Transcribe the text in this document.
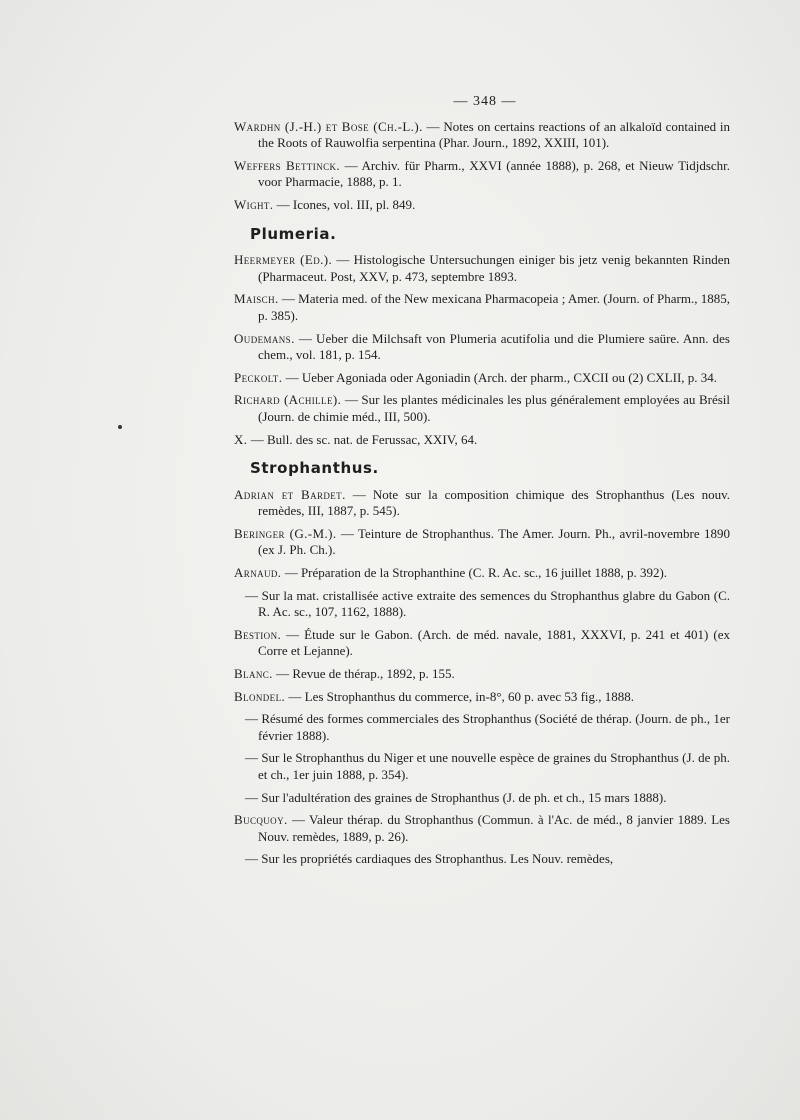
— 348 —

Wardhn (J.-H.) et Bose (Ch.-L.). — Notes on certains reactions of an alkaloïd contained in the Roots of Rauwolfia serpentina (Phar. Journ., 1892, XXIII, 101).

Weffers Bettinck. — Archiv. für Pharm., XXVI (année 1888), p. 268, et Nieuw Tidjdschr. voor Pharmacie, 1888, p. 1.

Wight. — Icones, vol. III, pl. 849.

Plumeria.

Heermeyer (Ed.). — Histologische Untersuchungen einiger bis jetz venig bekannten Rinden (Pharmaceut. Post, XXV, p. 473, septembre 1893.

Maisch. — Materia med. of the New mexicana Pharmacopeia ; Amer. (Journ. of Pharm., 1885, p. 385).

Oudemans. — Ueber die Milchsaft von Plumeria acutifolia und die Plumiere saüre. Ann. des chem., vol. 181, p. 154.

Peckolt. — Ueber Agoniada oder Agoniadin (Arch. der pharm., CXCII ou (2) CXLII, p. 34.

Richard (Achille). — Sur les plantes médicinales les plus généralement employées au Brésil (Journ. de chimie méd., III, 500).

X. — Bull. des sc. nat. de Ferussac, XXIV, 64.

Strophanthus.

Adrian et Bardet. — Note sur la composition chimique des Strophanthus (Les nouv. remèdes, III, 1887, p. 545).

Beringer (G.-M.). — Teinture de Strophanthus. The Amer. Journ. Ph., avril-novembre 1890 (ex J. Ph. Ch.).

Arnaud. — Préparation de la Strophanthine (C. R. Ac. sc., 16 juillet 1888, p. 392).

— Sur la mat. cristallisée active extraite des semences du Strophanthus glabre du Gabon (C. R. Ac. sc., 107, 1162, 1888).

Bestion. — Étude sur le Gabon. (Arch. de méd. navale, 1881, XXXVI, p. 241 et 401) (ex Corre et Lejanne).

Blanc. — Revue de thérap., 1892, p. 155.

Blondel. — Les Strophanthus du commerce, in-8°, 60 p. avec 53 fig., 1888.

— Résumé des formes commerciales des Strophanthus (Société de thérap. (Journ. de ph., 1er février 1888).

— Sur le Strophanthus du Niger et une nouvelle espèce de graines du Strophanthus (J. de ph. et ch., 1er juin 1888, p. 354).

— Sur l'adultération des graines de Strophanthus (J. de ph. et ch., 15 mars 1888).

Bucquoy. — Valeur thérap. du Strophanthus (Commun. à l'Ac. de méd., 8 janvier 1889. Les Nouv. remèdes, 1889, p. 26).

— Sur les propriétés cardiaques des Strophanthus. Les Nouv. remèdes,
